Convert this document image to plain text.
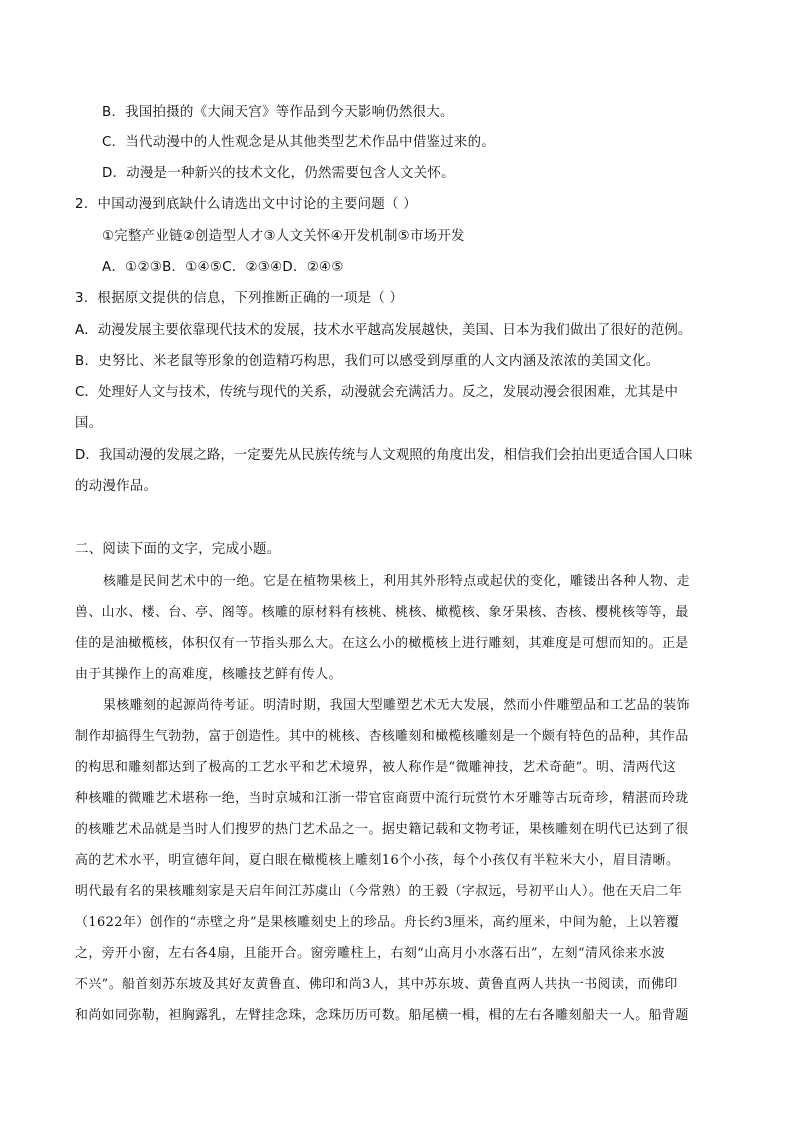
B．我国拍摄的《大闹天宫》等作品到今天影响仍然很大。
C．当代动漫中的人性观念是从其他类型艺术作品中借鉴过来的。
D．动漫是一种新兴的技术文化，仍然需要包含人文关怀。
2．中国动漫到底缺什么请选出文中讨论的主要问题（ ）
①完整产业链②创造型人才③人文关怀④开发机制⑤市场开发
A．①②③B．①④⑤C．②③④D．②④⑤
3．根据原文提供的信息，下列推断正确的一项是（ ）
A．动漫发展主要依靠现代技术的发展，技术水平越高发展越快，美国、日本为我们做出了很好的范例。
B．史努比、米老鼠等形象的创造精巧构思，我们可以感受到厚重的人文内涵及浓浓的美国文化。
C．处理好人文与技术，传统与现代的关系，动漫就会充满活力。反之，发展动漫会很困难，尤其是中
国。
D．我国动漫的发展之路，一定要先从民族传统与人文观照的角度出发，相信我们会拍出更适合国人口味
的动漫作品。
二、阅读下面的文字，完成小题。
核雕是民间艺术中的一绝。它是在植物果核上，利用其外形特点或起伏的变化，雕镂出各种人物、走
兽、山水、楼、台、亭、阁等。核雕的原材料有核桃、桃核、橄榄核、象牙果核、杏核、樱桃核等等，最
佳的是油橄榄核，体积仅有一节指头那么大。在这么小的橄榄核上进行雕刻，其难度是可想而知的。正是
由于其操作上的高难度，核雕技艺鲜有传人。
果核雕刻的起源尚待考证。明清时期，我国大型雕塑艺术无大发展，然而小件雕塑品和工艺品的装饰
制作却搞得生气勃勃，富于创造性。其中的桃核、杏核雕刻和橄榄核雕刻是一个颇有特色的品种，其作品
的构思和雕刻都达到了极高的工艺水平和艺术境界，被人称作是“微雕神技，艺术奇葩”。明、清两代这
种核雕的微雕艺术堪称一绝，当时京城和江浙一带官宦商贾中流行玩赏竹木牙雕等古玩奇珍，精湛而玲珑
的核雕艺术品就是当时人们搜罗的热门艺术品之一。据史籍记载和文物考证，果核雕刻在明代已达到了很
高的艺术水平，明宣德年间，夏白眼在橄榄核上雕刻16个小孩，每个小孩仅有半粒米大小，眉目清晰。
明代最有名的果核雕刻家是天启年间江苏虞山（今常熟）的王毅（字叔远，号初平山人）。他在天启二年
（1622年）创作的“赤壁之舟”是果核雕刻史上的珍品。舟长约3厘米，高约厘米，中间为舱，上以箬覆
之，旁开小窗，左右各4扇，且能开合。窗旁雕柱上，右刻“山高月小水落石出”，左刻“清风徐来水波
不兴”。船首刻苏东坡及其好友黄鲁直、佛印和尚3人，其中苏东坡、黄鲁直两人共执一书阅读，而佛印
和尚如同弥勒，袒胸露乳，左臂挂念珠，念珠历历可数。船尾横一楫，楫的左右各雕刻船夫一人。船背题
